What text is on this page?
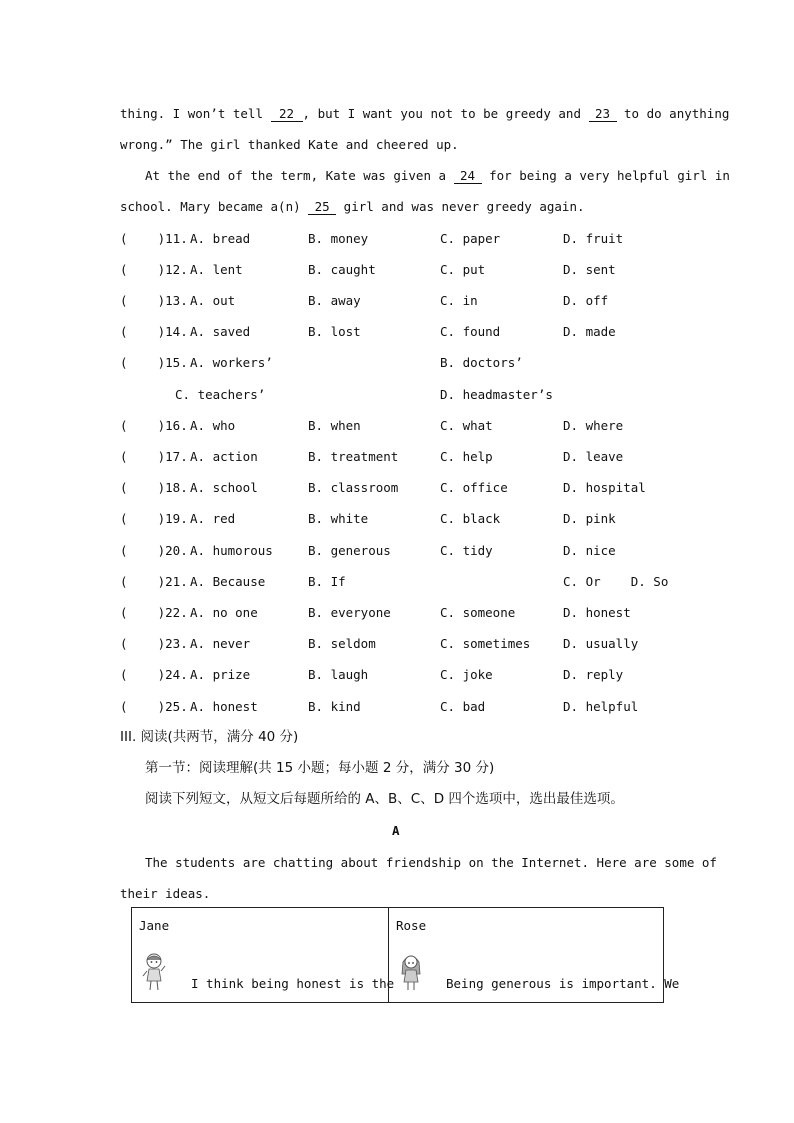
thing. I won’t tell 22 , but I want you not to be greedy and 23 to do anything
wrong.” The girl thanked Kate and cheered up.
At the end of the term, Kate was given a 24 for being a very helpful girl in
school. Mary became a(n) 25 girl and was never greedy again.
(    )11. A. bread	B. money	C. paper	D. fruit
(    )12. A. lent	B. caught	C. put	D. sent
(    )13. A. out	B. away	C. in	D. off
(    )14. A. saved	B. lost	C. found	D. made
(    )15. A. workers’	B. doctors’
C. teachers’	D. headmaster’s
(    )16. A. who	B. when	C. what	D. where
(    )17. A. action	B. treatment	C. help	D. leave
(    )18. A. school	B. classroom	C. office	D. hospital
(    )19. A. red	B. white	C. black	D. pink
(    )20. A. humorous	B. generous	C. tidy	D. nice
(    )21. A. Because	B. If	C. Or    D. So
(    )22. A. no one	B. everyone	C. someone	D. honest
(    )23. A. never	B. seldom	C. sometimes	D. usually
(    )24. A. prize	B. laugh	C. joke	D. reply
(    )25. A. honest	B. kind	C. bad	D. helpful
III. 阅读(共两节，满分 40 分)
第一节：阅读理解(共 15 小题；每小题 2 分，满分 30 分)
阅读下列短文，从短文后每题所给的 A、B、C、D 四个选项中，选出最佳选项。
A
The students are chatting about friendship on the Internet. Here are some of
their ideas.
Jane
I think being honest is the
Rose
Being generous is important. We
